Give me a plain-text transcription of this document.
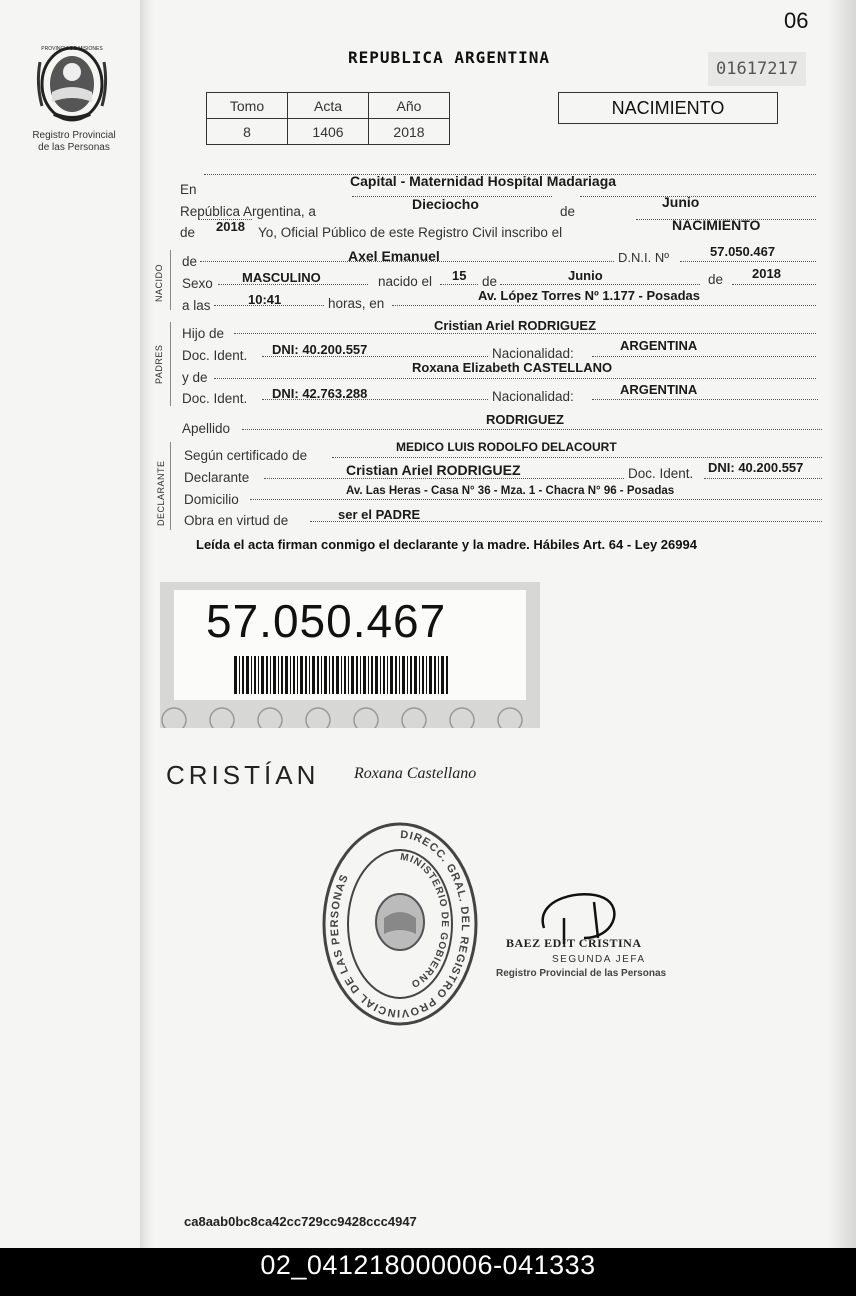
06
PROVINCIA DE MISIONES
Registro Provincial
de las Personas
REPUBLICA ARGENTINA
01617217
Tomo	Acta	Año
8	1406	2018
NACIMIENTO
En
Capital - Maternidad Hospital Madariaga
República Argentina, a	Dieciocho	de
Junio
de 2018 Yo, Oficial Público de este Registro Civil inscribo el	NACIMIENTO
NACIDO
de	Axel Emanuel	D.N.I. Nº	57.050.467
Sexo MASCULINO	nacido el 15 de	Junio	de 2018
a las	10:41	horas, en
Av. López Torres Nº 1.177 - Posadas
PADRES
Hijo de
Cristian Ariel RODRIGUEZ
Doc. Ident. DNI: 40.200.557	Nacionalidad:
ARGENTINA
y de
Roxana Elizabeth CASTELLANO
Doc. Ident. DNI: 42.763.288	Nacionalidad:	ARGENTINA
Apellido
RODRIGUEZ
DECLARANTE
Según certificado de
MEDICO LUIS RODOLFO DELACOURT
Declarante	Cristian Ariel RODRIGUEZ	Doc. Ident. DNI: 40.200.557
Domicilio
Av. Las Heras - Casa N° 36 - Mza. 1 - Chacra N° 96 - Posadas
Obra en virtud de	ser el PADRE
Leída el acta firman conmigo el declarante y la madre. Hábiles Art. 64 - Ley 26994
57.050.467
CRISTÍAN Roxana Castellano
DIRECC. GRAL. DEL REGISTRO PROVINCIAL DE LAS PERSONAS
MINISTERIO DE GOBIERNO
BAEZ EDIT CRISTINA
SEGUNDA JEFA
Registro Provincial de las Personas
ca8aab0bc8ca42cc729cc9428ccc4947
02_041218000006-041333
